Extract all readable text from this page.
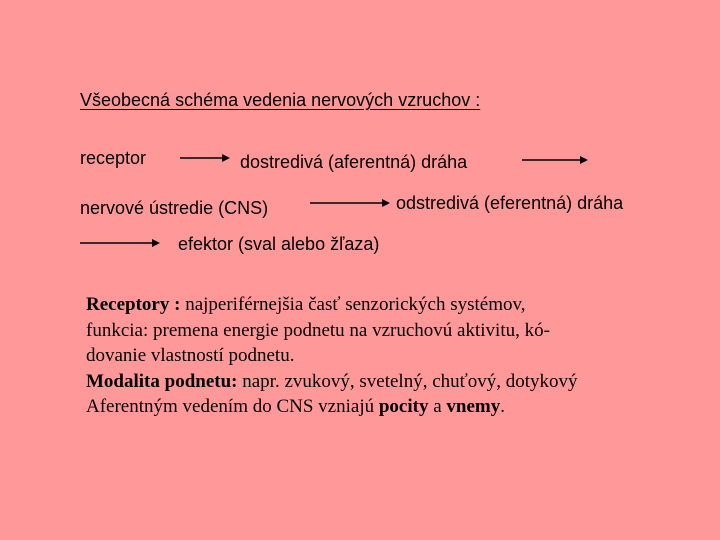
Všeobecná schéma vedenia nervových vzruchov :
receptor	dostredivá (aferentná) dráha
nervové ústredie (CNS)	odstredivá (eferentná) dráha
efektor (sval alebo žľaza)
Receptory : najperiférnejšia časť senzorických systémov,
funkcia: premena energie podnetu na vzruchovú aktivitu, kó-
dovanie vlastností podnetu.
Modalita podnetu: napr. zvukový, svetelný, chuťový, dotykový
Aferentným vedením do CNS vzniajú pocity a vnemy.
